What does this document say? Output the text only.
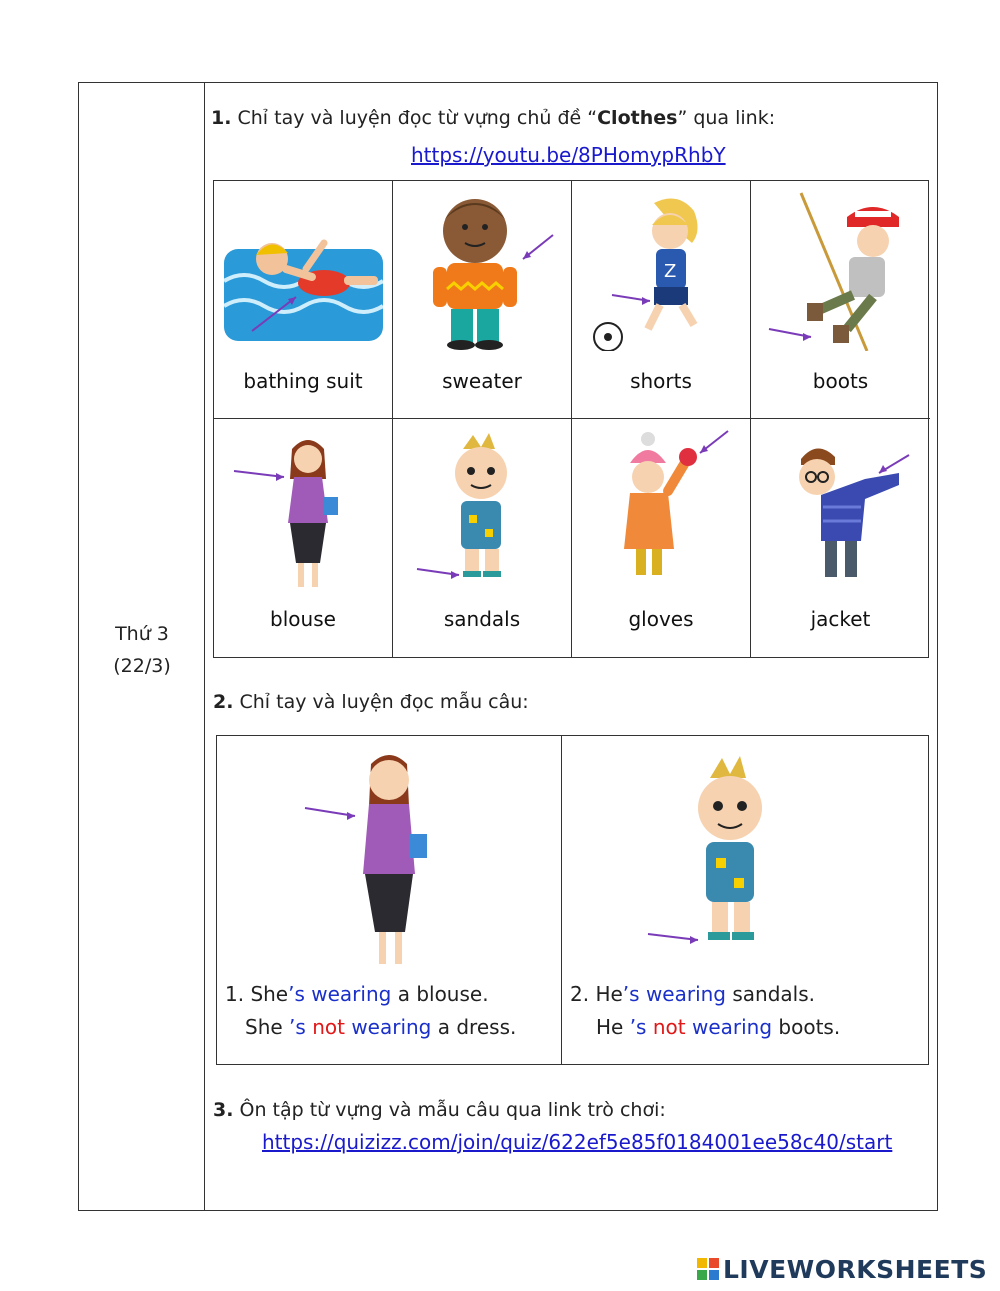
Thứ 3
(22/3)
1. Chỉ tay và luyện đọc từ vựng chủ đề “Clothes” qua link:
https://youtu.be/8PHomypRhbY
bathing suit	sweater
Z
shorts	boots
blouse	sandals	gloves	jacket
2. Chỉ tay và luyện đọc mẫu câu:
1. She’s wearing a blouse.
She ’s not wearing a dress.
2. He’s wearing sandals.
He ’s not wearing boots.
3. Ôn tập từ vựng và mẫu câu qua link trò chơi:
https://quizizz.com/join/quiz/622ef5e85f0184001ee58c40/start
LIVEWORKSHEETS
